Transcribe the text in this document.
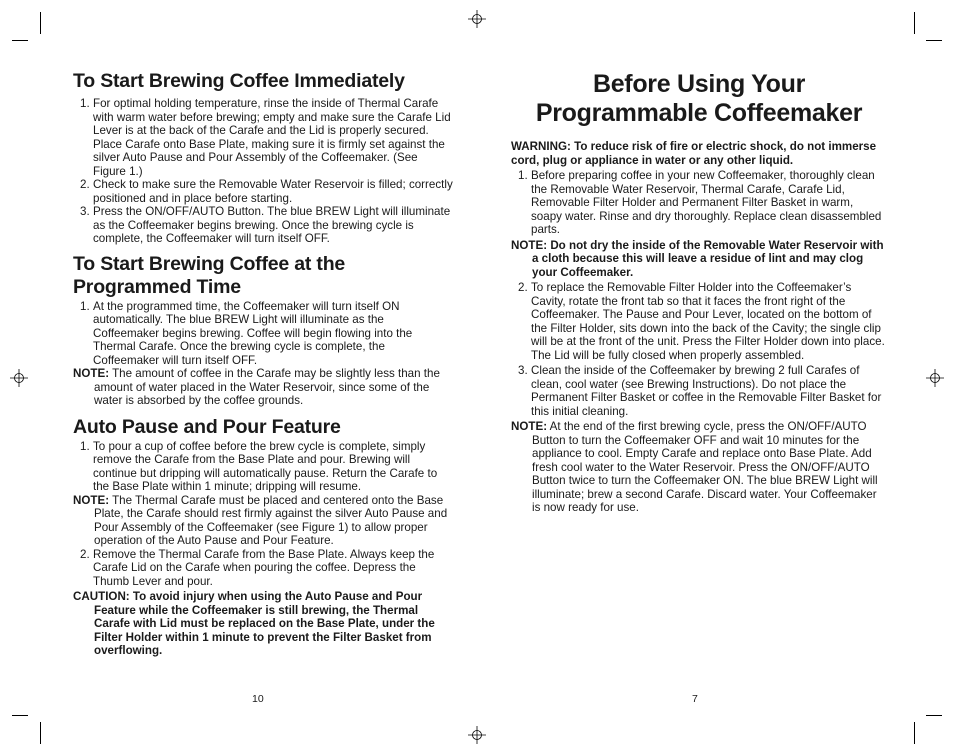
To Start Brewing Coffee Immediately
1. For optimal holding temperature, rinse the inside of Thermal Carafe with warm water before brewing; empty and make sure the Carafe Lid Lever is at the back of the Carafe and the Lid is properly secured. Place Carafe onto Base Plate, making sure it is firmly set against the silver Auto Pause and Pour Assembly of the Coffeemaker. (See Figure 1.)
2. Check to make sure the Removable Water Reservoir is filled; correctly positioned and in place before starting.
3. Press the ON/OFF/AUTO Button. The blue BREW Light will illuminate as the Coffeemaker begins brewing. Once the brewing cycle is complete, the Coffeemaker will turn itself OFF.
To Start Brewing Coffee at the Programmed Time
1. At the programmed time, the Coffeemaker will turn itself ON automatically. The blue BREW Light will illuminate as the Coffeemaker begins brewing. Coffee will begin flowing into the Thermal Carafe. Once the brewing cycle is complete, the Coffeemaker will turn itself OFF.
NOTE: The amount of coffee in the Carafe may be slightly less than the amount of water placed in the Water Reservoir, since some of the water is absorbed by the coffee grounds.
Auto Pause and Pour Feature
1. To pour a cup of coffee before the brew cycle is complete, simply remove the Carafe from the Base Plate and pour. Brewing will continue but dripping will automatically pause. Return the Carafe to the Base Plate within 1 minute; dripping will resume.
NOTE: The Thermal Carafe must be placed and centered onto the Base Plate, the Carafe should rest firmly against the silver Auto Pause and Pour Assembly of the Coffeemaker (see Figure 1) to allow proper operation of the Auto Pause and Pour Feature.
2. Remove the Thermal Carafe from the Base Plate. Always keep the Carafe Lid on the Carafe when pouring the coffee. Depress the Thumb Lever and pour.
CAUTION: To avoid injury when using the Auto Pause and Pour Feature while the Coffeemaker is still brewing, the Thermal Carafe with Lid must be replaced on the Base Plate, under the Filter Holder within 1 minute to prevent the Filter Basket from overflowing.
10
Before Using Your
Programmable Coffeemaker
WARNING: To reduce risk of fire or electric shock, do not immerse cord, plug or appliance in water or any other liquid.
1. Before preparing coffee in your new Coffeemaker, thoroughly clean the Removable Water Reservoir, Thermal Carafe, Carafe Lid, Removable Filter Holder and Permanent Filter Basket in warm, soapy water. Rinse and dry thoroughly. Replace clean disassembled parts.
NOTE: Do not dry the inside of the Removable Water Reservoir with a cloth because this will leave a residue of lint and may clog your Coffeemaker.
2. To replace the Removable Filter Holder into the Coffeemaker’s Cavity, rotate the front tab so that it faces the front right of the Coffeemaker. The Pause and Pour Lever, located on the bottom of the Filter Holder, sits down into the back of the Cavity; the single clip will be at the front of the unit. Press the Filter Holder down into place. The Lid will be fully closed when properly assembled.
3. Clean the inside of the Coffeemaker by brewing 2 full Carafes of clean, cool water (see Brewing Instructions). Do not place the Permanent Filter Basket or coffee in the Removable Filter Basket for this initial cleaning.
NOTE: At the end of the first brewing cycle, press the ON/OFF/AUTO Button to turn the Coffeemaker OFF and wait 10 minutes for the appliance to cool. Empty Carafe and replace onto Base Plate. Add fresh cool water to the Water Reservoir. Press the ON/OFF/AUTO Button twice to turn the Coffeemaker ON. The blue BREW Light will illuminate; brew a second Carafe. Discard water. Your Coffeemaker is now ready for use.
7
